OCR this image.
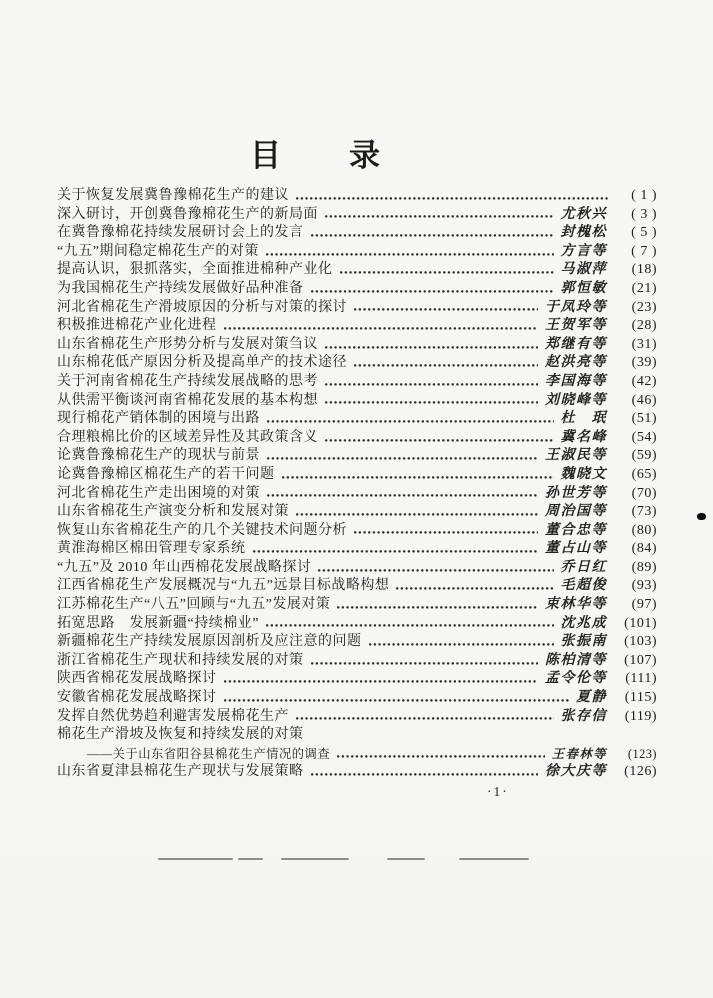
目　　录
关于恢复发展冀鲁豫棉花生产的建议	( 1 )
深入研讨，开创冀鲁豫棉花生产的新局面	尤秋兴	( 3 )
在冀鲁豫棉花持续发展研讨会上的发言	封槐松	( 5 )
“九五”期间稳定棉花生产的对策	方言等	( 7 )
提高认识，狠抓落实，全面推进棉种产业化	马淑萍	(18)
为我国棉花生产持续发展做好品种准备	郭恒敏	(21)
河北省棉花生产滑坡原因的分析与对策的探讨	于凤玲等	(23)
积极推进棉花产业化进程	王贺军等	(28)
山东省棉花生产形势分析与发展对策刍议	郑继有等	(31)
山东棉花低产原因分析及提高单产的技术途径	赵洪亮等	(39)
关于河南省棉花生产持续发展战略的思考	李国海等	(42)
从供需平衡谈河南省棉花发展的基本构想	刘晓峰等	(46)
现行棉花产销体制的困境与出路	杜　珉	(51)
合理粮棉比价的区域差异性及其政策含义	冀名峰	(54)
论冀鲁豫棉花生产的现状与前景	王淑民等	(59)
论冀鲁豫棉区棉花生产的若干问题	魏晓文	(65)
河北省棉花生产走出困境的对策	孙世芳等	(70)
山东省棉花生产演变分析和发展对策	周治国等	(73)
恢复山东省棉花生产的几个关键技术问题分析	董合忠等	(80)
黄淮海棉区棉田管理专家系统	董占山等	(84)
“九五”及 2010 年山西棉花发展战略探讨	乔日红	(89)
江西省棉花生产发展概况与“九五”远景目标战略构想	毛超俊	(93)
江苏棉花生产“八五”回顾与“九五”发展对策	束林华等	(97)
拓宽思路　发展新疆“持续棉业”	沈兆成	(101)
新疆棉花生产持续发展原因剖析及应注意的问题	张振南	(103)
浙江省棉花生产现状和持续发展的对策	陈柏清等	(107)
陕西省棉花发展战略探讨	孟令伦等	(111)
安徽省棉花发展战略探讨	夏静	(115)
发挥自然优势趋利避害发展棉花生产	张存信	(119)
棉花生产滑坡及恢复和持续发展的对策
——关于山东省阳谷县棉花生产情况的调查	王春林等	(123)
山东省夏津县棉花生产现状与发展策略	徐大庆等	(126)
·1·
